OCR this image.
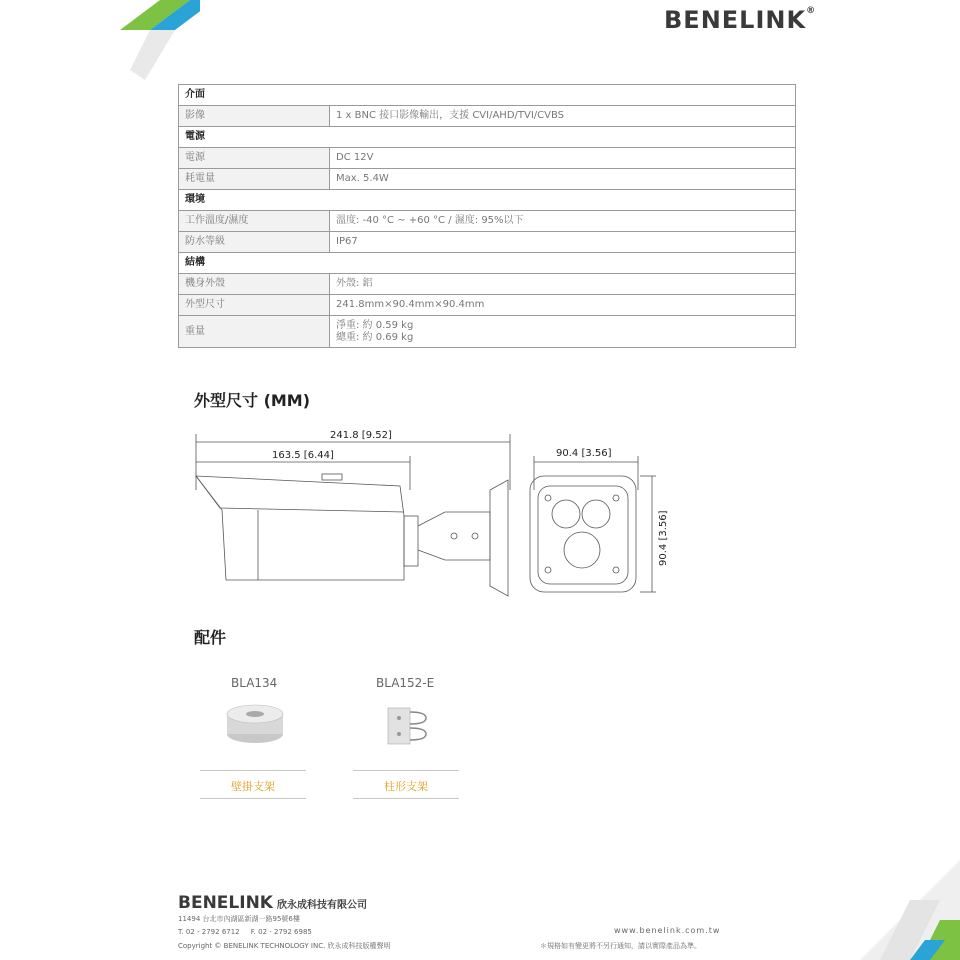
BENELINK®
介面	
影像	1 x BNC 接口影像輸出，支援 CVI/AHD/TVI/CVBS
電源	
電源	DC 12V
耗電量	Max. 5.4W
環境	
工作溫度/濕度	溫度: -40 °C ~ +60 °C / 濕度: 95%以下
防水等級	IP67
結構	
機身外殼	外殼: 鋁
外型尺寸	241.8mm×90.4mm×90.4mm
重量	淨重: 約 0.59 kg
總重: 約 0.69 kg
外型尺寸 (MM)
241.8 [9.52]
163.5 [6.44]	90.4 [3.56]
90.4 [3.56]
配件
BLA134
壁掛支架
BLA152-E
柱形支架
BENELINK 欣永成科技有限公司
11494 台北市內湖區新湖一路95號6樓
T. 02 - 2792 6712     F. 02 - 2792 6985
Copyright © BENELINK TECHNOLOGY INC. 欣永成科技版權聲明
www.benelink.com.tw
＊規格如有變更將不另行通知，請以實際產品為準。
